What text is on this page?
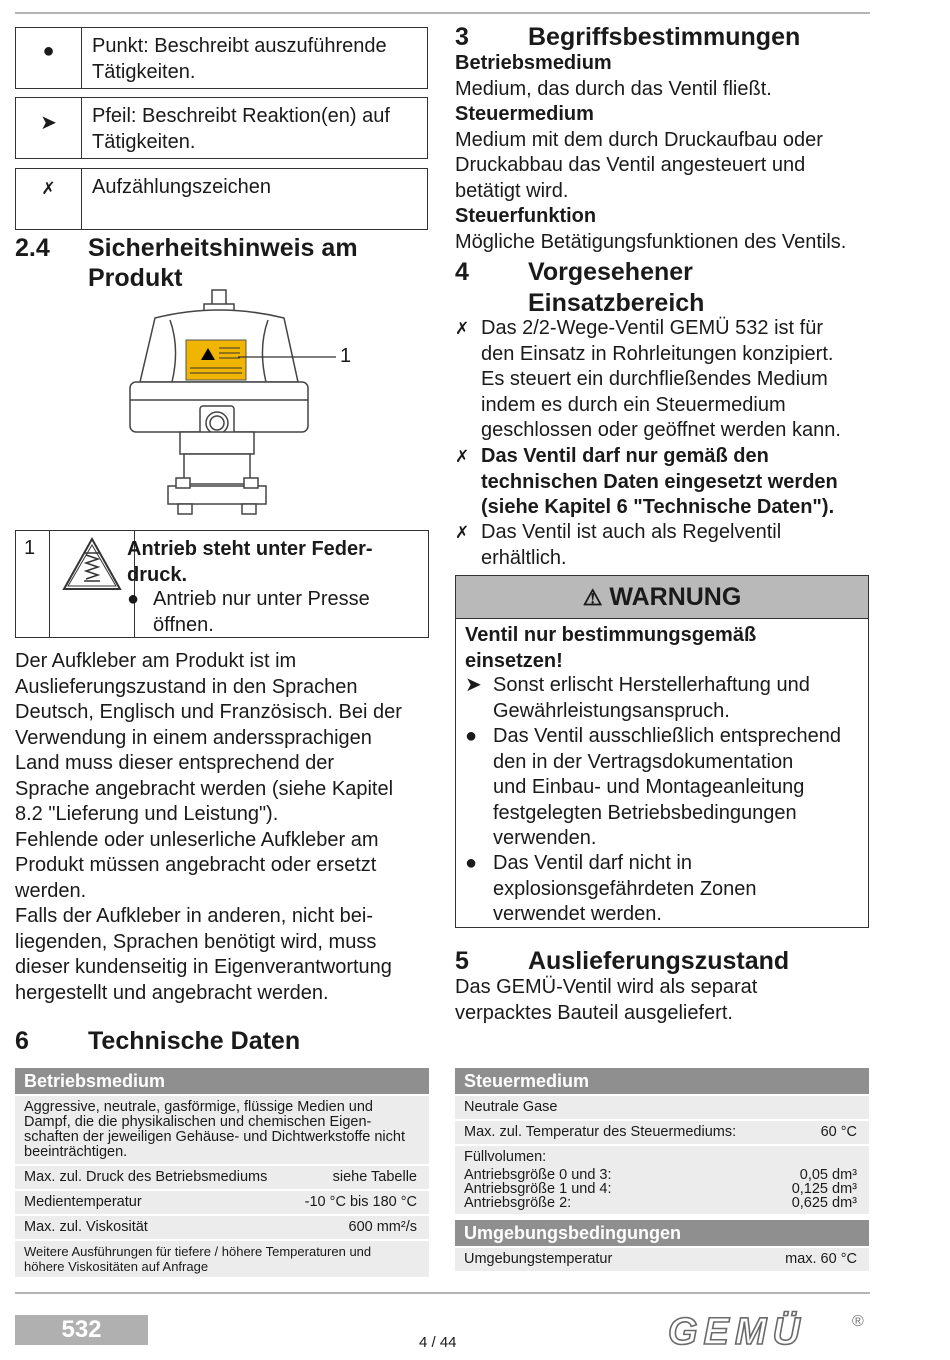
●	Punkt: Beschreibt auszuführende Tätigkeiten.
➤	Pfeil: Beschreibt Reaktion(en) auf Tätigkeiten.
✗	Aufzählungszeichen
2.4 Sicherheitshinweis am
Produkt
1
1	Antrieb steht unter Feder-
druck.
● Antrieb nur unter Presse
öffnen.
Der Aufkleber am Produkt ist im
Auslieferungszustand in den Sprachen
Deutsch, Englisch und Französisch. Bei der
Verwendung in einem anderssprachigen
Land muss dieser entsprechend der
Sprache angebracht werden (siehe Kapitel
8.2 "Lieferung und Leistung").
Fehlende oder unleserliche Aufkleber am
Produkt müssen angebracht oder ersetzt
werden.
Falls der Aufkleber in anderen, nicht bei-
liegenden, Sprachen benötigt wird, muss
dieser kundenseitig in Eigenverantwortung
hergestellt und angebracht werden.
6 Technische Daten
Betriebsmedium
Aggressive, neutrale, gasförmige, flüssige Medien und
Dampf, die die physikalischen und chemischen Eigen-
schaften der jeweiligen Gehäuse- und Dichtwerkstoffe nicht
beeinträchtigen.
Max. zul. Druck des Betriebsmediums	siehe Tabelle
Medientemperatur	-10 °C bis 180 °C
Max. zul. Viskosität	600 mm²/s
Weitere Ausführungen für tiefere / höhere Temperaturen und
höhere Viskositäten auf Anfrage
3 Begriffsbestimmungen
Betriebsmedium
Medium, das durch das Ventil fließt.
Steuermedium
Medium mit dem durch Druckaufbau oder
Druckabbau das Ventil angesteuert und
betätigt wird.
Steuerfunktion
Mögliche Betätigungsfunktionen des Ventils.
4 Vorgesehener
Einsatzbereich
✗ Das 2/2-Wege-Ventil GEMÜ 532 ist für
den Einsatz in Rohrleitungen konzipiert.
Es steuert ein durchfließendes Medium
indem es durch ein Steuermedium
geschlossen oder geöffnet werden kann.
✗ Das Ventil darf nur gemäß den
technischen Daten eingesetzt werden
(siehe Kapitel 6 "Technische Daten").
✗ Das Ventil ist auch als Regelventil
erhältlich.
⚠ WARNUNG
Ventil nur bestimmungsgemäß
einsetzen!
➤ Sonst erlischt Herstellerhaftung und
Gewährleistungsanspruch.
● Das Ventil ausschließlich entsprechend
den in der Vertragsdokumentation
und Einbau- und Montageanleitung
festgelegten Betriebsbedingungen
verwenden.
● Das Ventil darf nicht in
explosionsgefährdeten Zonen
verwendet werden.
5 Auslieferungszustand
Das GEMÜ-Ventil wird als separat
verpacktes Bauteil ausgeliefert.
Steuermedium
Neutrale Gase
Max. zul. Temperatur des Steuermediums:	60 °C
Füllvolumen:
Antriebsgröße 0 und 3:	0,05 dm³
Antriebsgröße 1 und 4:	0,125 dm³
Antriebsgröße 2:	0,625 dm³
Umgebungsbedingungen
Umgebungstemperatur	max. 60 °C
532	4 / 44	GEMÜ	®
